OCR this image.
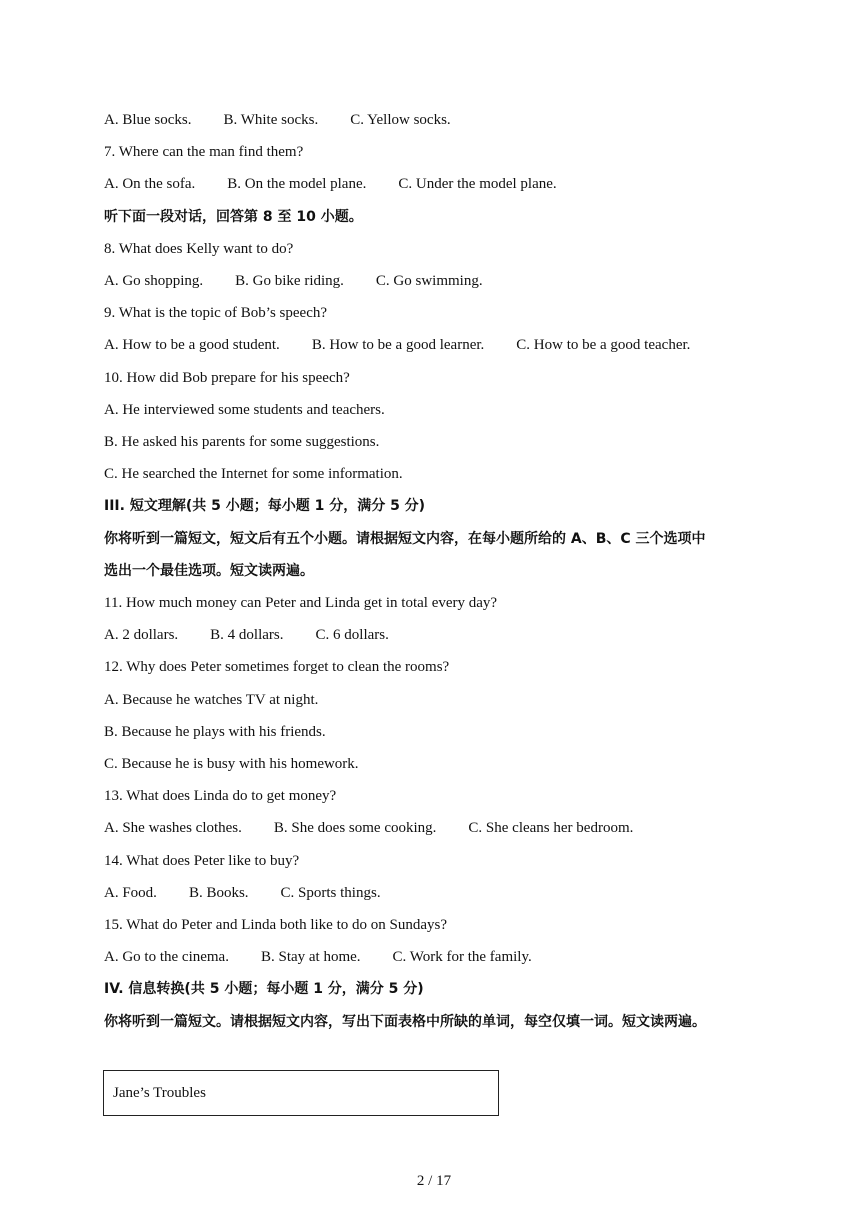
A. Blue socks. B. White socks. C. Yellow socks.
7. Where can the man find them?
A. On the sofa. B. On the model plane. C. Under the model plane.
听下面一段对话，回答第 8 至 10 小题。
8. What does Kelly want to do?
A. Go shopping. B. Go bike riding. C. Go swimming.
9. What is the topic of Bob’s speech?
A. How to be a good student. B. How to be a good learner. C. How to be a good teacher.
10. How did Bob prepare for his speech?
A. He interviewed some students and teachers.
B. He asked his parents for some suggestions.
C. He searched the Internet for some information.
III. 短文理解(共 5 小题；每小题 1 分，满分 5 分)
你将听到一篇短文，短文后有五个小题。请根据短文内容，在每小题所给的 A、B、C 三个选项中
选出一个最佳选项。短文读两遍。
11. How much money can Peter and Linda get in total every day?
A. 2 dollars. B. 4 dollars. C. 6 dollars.
12. Why does Peter sometimes forget to clean the rooms?
A. Because he watches TV at night.
B. Because he plays with his friends.
C. Because he is busy with his homework.
13. What does Linda do to get money?
A. She washes clothes. B. She does some cooking. C. She cleans her bedroom.
14. What does Peter like to buy?
A. Food. B. Books. C. Sports things.
15. What do Peter and Linda both like to do on Sundays?
A. Go to the cinema. B. Stay at home. C. Work for the family.
IV. 信息转换(共 5 小题；每小题 1 分，满分 5 分)
你将听到一篇短文。请根据短文内容，写出下面表格中所缺的单词，每空仅填一词。短文读两遍。
Jane’s Troubles
2 / 17
